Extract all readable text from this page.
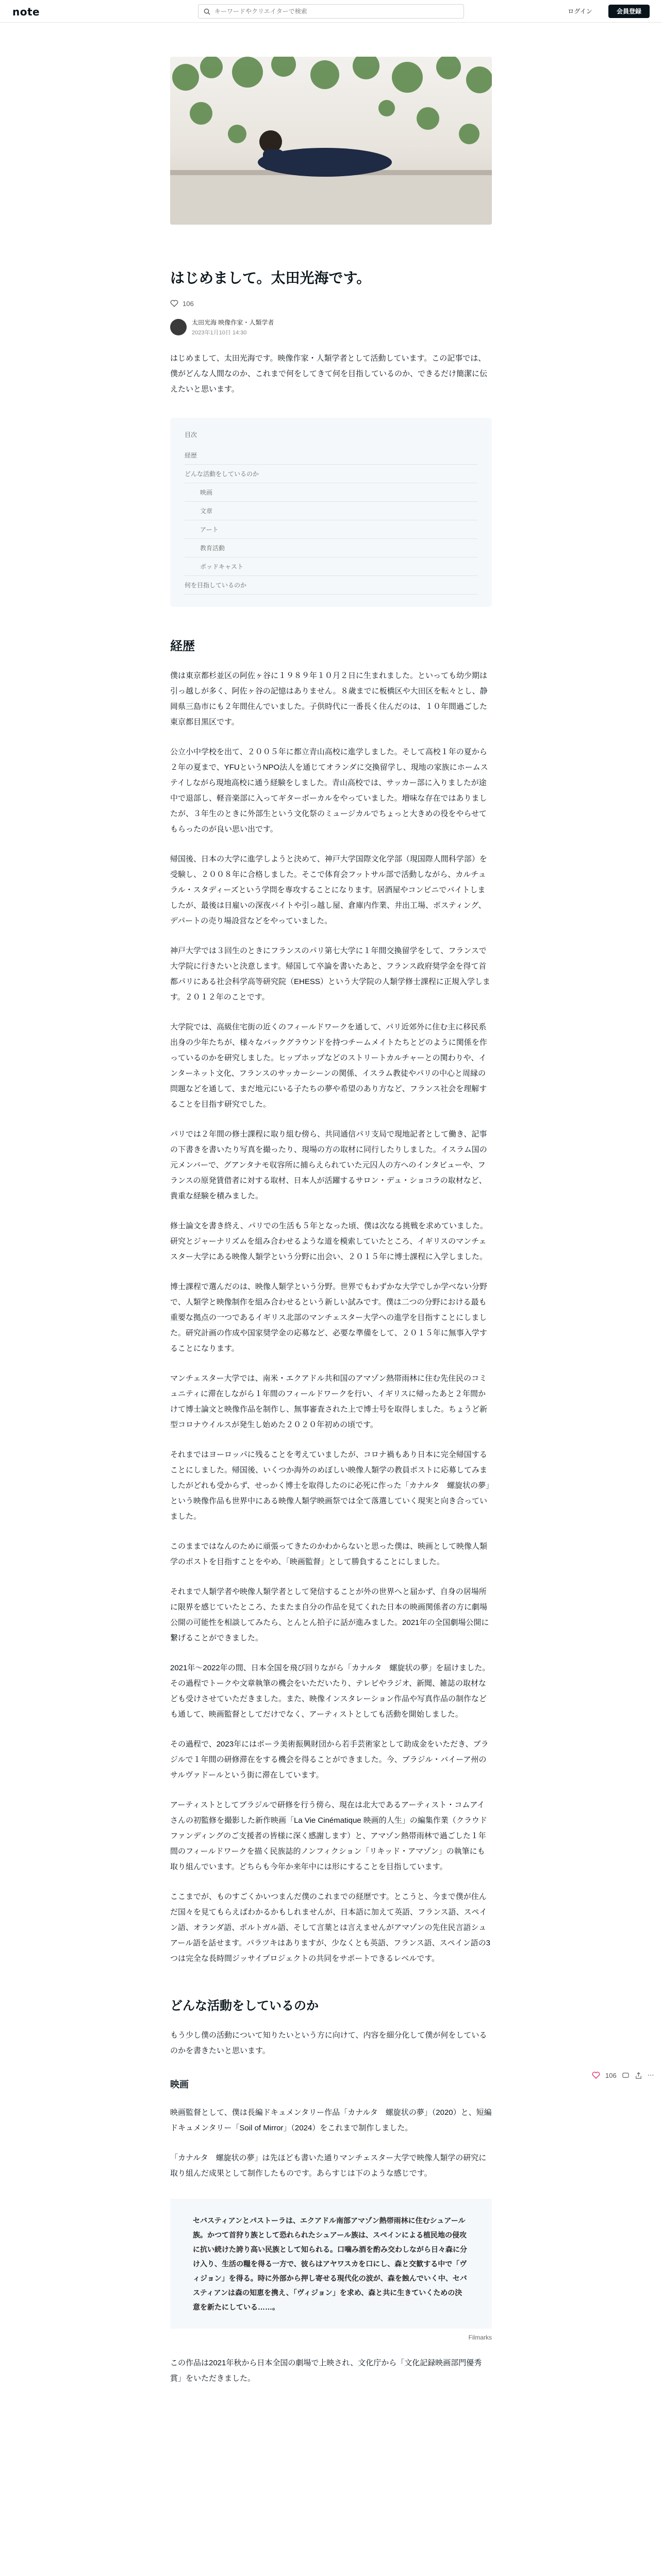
note
キーワードやクリエイターで検索	ログイン	会員登録
はじめまして。太田光海です。
106
太田光海 映像作家・人類学者
2023年1月10日 14:30

はじめまして、太田光海です。映像作家・人類学者として活動しています。この記事では、僕がどんな人間なのか、これまで何をしてきて何を目指しているのか、できるだけ簡潔に伝えたいと思います。

目次
経歴
どんな活動をしているのか
映画
文章
アート
教育活動
ポッドキャスト
何を目指しているのか
経歴

僕は東京都杉並区の阿佐ヶ谷に１９８９年１０月２日に生まれました。といっても幼少期は引っ越しが多く、阿佐ヶ谷の記憶はありません。８歳までに板橋区や大田区を転々とし、静岡県三島市にも２年間住んでいました。子供時代に一番長く住んだのは、１０年間過ごした東京都目黒区です。

公立小中学校を出て、２００５年に都立青山高校に進学しました。そして高校１年の夏から２年の夏まで、YFUというNPO法人を通じてオランダに交換留学し、現地の家族にホームステイしながら現地高校に通う経験をしました。青山高校では、サッカー部に入りましたが途中で退部し、軽音楽部に入ってギターボーカルをやっていました。増味な存在ではありましたが、３年生のときに外部生という文化祭のミュージカルでちょっと大きめの役をやらせてもらったのが良い思い出です。

帰国後、日本の大学に進学しようと決めて、神戸大学国際文化学部（現国際人間科学部）を受験し、２００８年に合格しました。そこで体育会フットサル部で活動しながら、カルチュラル・スタディーズという学問を専攻することになります。居酒屋やコンビニでバイトしましたが、最後は日雇いの深夜バイトや引っ越し屋、倉庫内作業、井出工場、ポスティング、デパートの売り場設営などをやっていました。

神戸大学では３回生のときにフランスのパリ第七大学に１年間交換留学をして、フランスで大学院に行きたいと決意します。帰国して卒論を書いたあと、フランス政府奨学金を得て首都パリにある社会科学高等研究院（EHESS）という大学院の人類学修士課程に正規入学します。２０１２年のことです。

大学院では、高級住宅街の近くのフィールドワークを通して、パリ近郊外に住む主に移民系出身の少年たちが、様々なバックグラウンドを持つチームメイトたちとどのように関係を作っているのかを研究しました。ヒップホップなどのストリートカルチャーとの関わりや、インターネット文化、フランスのサッカーシーンの関係、イスラム教徒やパリの中心と周縁の問題などを通して、まだ地元にいる子たちの夢や希望のあり方など、フランス社会を理解することを目指す研究でした。

パリでは２年間の修士課程に取り組む傍ら、共同通信パリ支局で現地記者として働き、記事の下書きを書いたり写真を撮ったり、現場の方の取材に同行したりしました。イスラム国の元メンバーで、グアンタナモ収容所に捕らえられていた元囚人の方へのインタビューや、フランスの原発賃借者に対する取材、日本人が活躍するサロン・デュ・ショコラの取材など、貴重な経験を積みました。

修士論文を書き終え、パリでの生活も５年となった頃、僕は次なる挑戦を求めていました。研究とジャーナリズムを組み合わせるような道を模索していたところ、イギリスのマンチェスター大学にある映像人類学という分野に出会い、２０１５年に博士課程に入学しました。

博士課程で選んだのは、映像人類学という分野。世界でもわずかな大学でしか学べない分野で、人類学と映像制作を組み合わせるという新しい試みです。僕は二つの分野における最も重要な拠点の一つであるイギリス北部のマンチェスター大学への進学を目指すことにしました。研究計画の作成や国家奨学金の応募など、必要な準備をして、２０１５年に無事入学することになります。

マンチェスター大学では、南米・エクアドル共和国のアマゾン熱帯雨林に住む先住民のコミュニティに滞在しながら１年間のフィールドワークを行い、イギリスに帰ったあと２年間かけて博士論文と映像作品を制作し、無事審査された上で博士号を取得しました。ちょうど新型コロナウイルスが発生し始めた２０２０年初めの頃です。

それまではヨーロッパに残ることを考えていましたが、コロナ禍もあり日本に完全帰国することにしました。帰国後、いくつか海外のめぼしい映像人類学の教員ポストに応募してみましたがどれも受からず、せっかく博士を取得したのに必死に作った「カナルタ　螺旋状の夢」という映像作品も世界中にある映像人類学映画祭では全て落選していく現実と向き合っていました。

このままではなんのために頑張ってきたのかわからないと思った僕は、映画として映像人類学のポストを目指すことをやめ、「映画監督」として勝負することにしました。

それまで人類学者や映像人類学者として発信することが外の世界へと届かず、自身の居場所に限界を感じていたところ、たまたま自分の作品を見てくれた日本の映画関係者の方に劇場公開の可能性を相談してみたら、とんとん拍子に話が進みました。2021年の全国劇場公開に繋げることができました。

2021年〜2022年の間、日本全国を飛び回りながら「カナルタ　螺旋状の夢」を届けました。その過程でトークや文章執筆の機会をいただいたり、テレビやラジオ、新聞、雑誌の取材なども受けさせていただきました。また、映像インスタレーション作品や写真作品の制作なども通して、映画監督としてだけでなく、アーティストとしても活動を開始しました。

その過程で、2023年にはポーラ美術振興財団から若手芸術家として助成金をいただき、ブラジルで１年間の研修滞在をする機会を得ることができました。今、ブラジル・バイーア州のサルヴァドールという街に滞在しています。

アーティストとしてブラジルで研修を行う傍ら、現在は北大であるアーティスト・コムアイさんの初監修を撮影した新作映画「La Vie Cinématique 映画的人生」の編集作業（クラウドファンディングのご支援者の皆様に深く感謝します）と、アマゾン熱帯雨林で過ごした１年間のフィールドワークを描く民族誌的ノンフィクション「リキッド・アマゾン」の執筆にも取り組んでいます。どちらも今年か来年中には形にすることを目指しています。

ここまでが、ものすごくかいつまんだ僕のこれまでの経歴です。とこうと、今まで僕が住んだ国々を見てもらえばわかるかもしれませんが、日本語に加えて英語、フランス語、スペイン語、オランダ語、ポルトガル語、そして言葉とは言えませんがアマゾンの先住民言語シュアール語を話せます。パラツキはありますが、少なくとも英語、フランス語、スペイン語の3つは完全な長時間ジッサイプロジェクトの共同をサポートできるレベルです。

どんな活動をしているのか

もう少し僕の活動について知りたいという方に向けて、内容を細分化して僕が何をしているのかを書きたいと思います。

映画

映画監督として、僕は長編ドキュメンタリー作品「カナルタ　螺旋状の夢」（2020）と、短編ドキュメンタリー「Soil of Mirror」（2024）をこれまで制作しました。

「カナルタ　螺旋状の夢」は先ほども書いた通りマンチェスター大学で映像人類学の研究に取り組んだ成果として制作したものです。あらすじは下のような感じです。

セバスティアンとパストーラは、エクアドル南部アマゾン熱帯雨林に住むシュアール族。かつて首狩り族として恐れられたシュアール族は、スペインによる植民地の侵攻に抗い続けた誇り高い民族として知られる。口噛み酒を酌み交わしながら日々森に分け入り、生活の糧を得る一方で、彼らはアヤワスカを口にし、森と交歓する中で「ヴィジョン」を得る。時に外部から押し寄せる現代化の波が、森を蝕んでいく中、セバスティアンは森の知恵を携え、「ヴィジョン」を求め、森と共に生きていくための決意を新たにしている……。
Filmarks

この作品は2021年秋から日本全国の劇場で上映され、文化庁から「文化記録映画部門優秀賞」をいただきました。

106	⋯
